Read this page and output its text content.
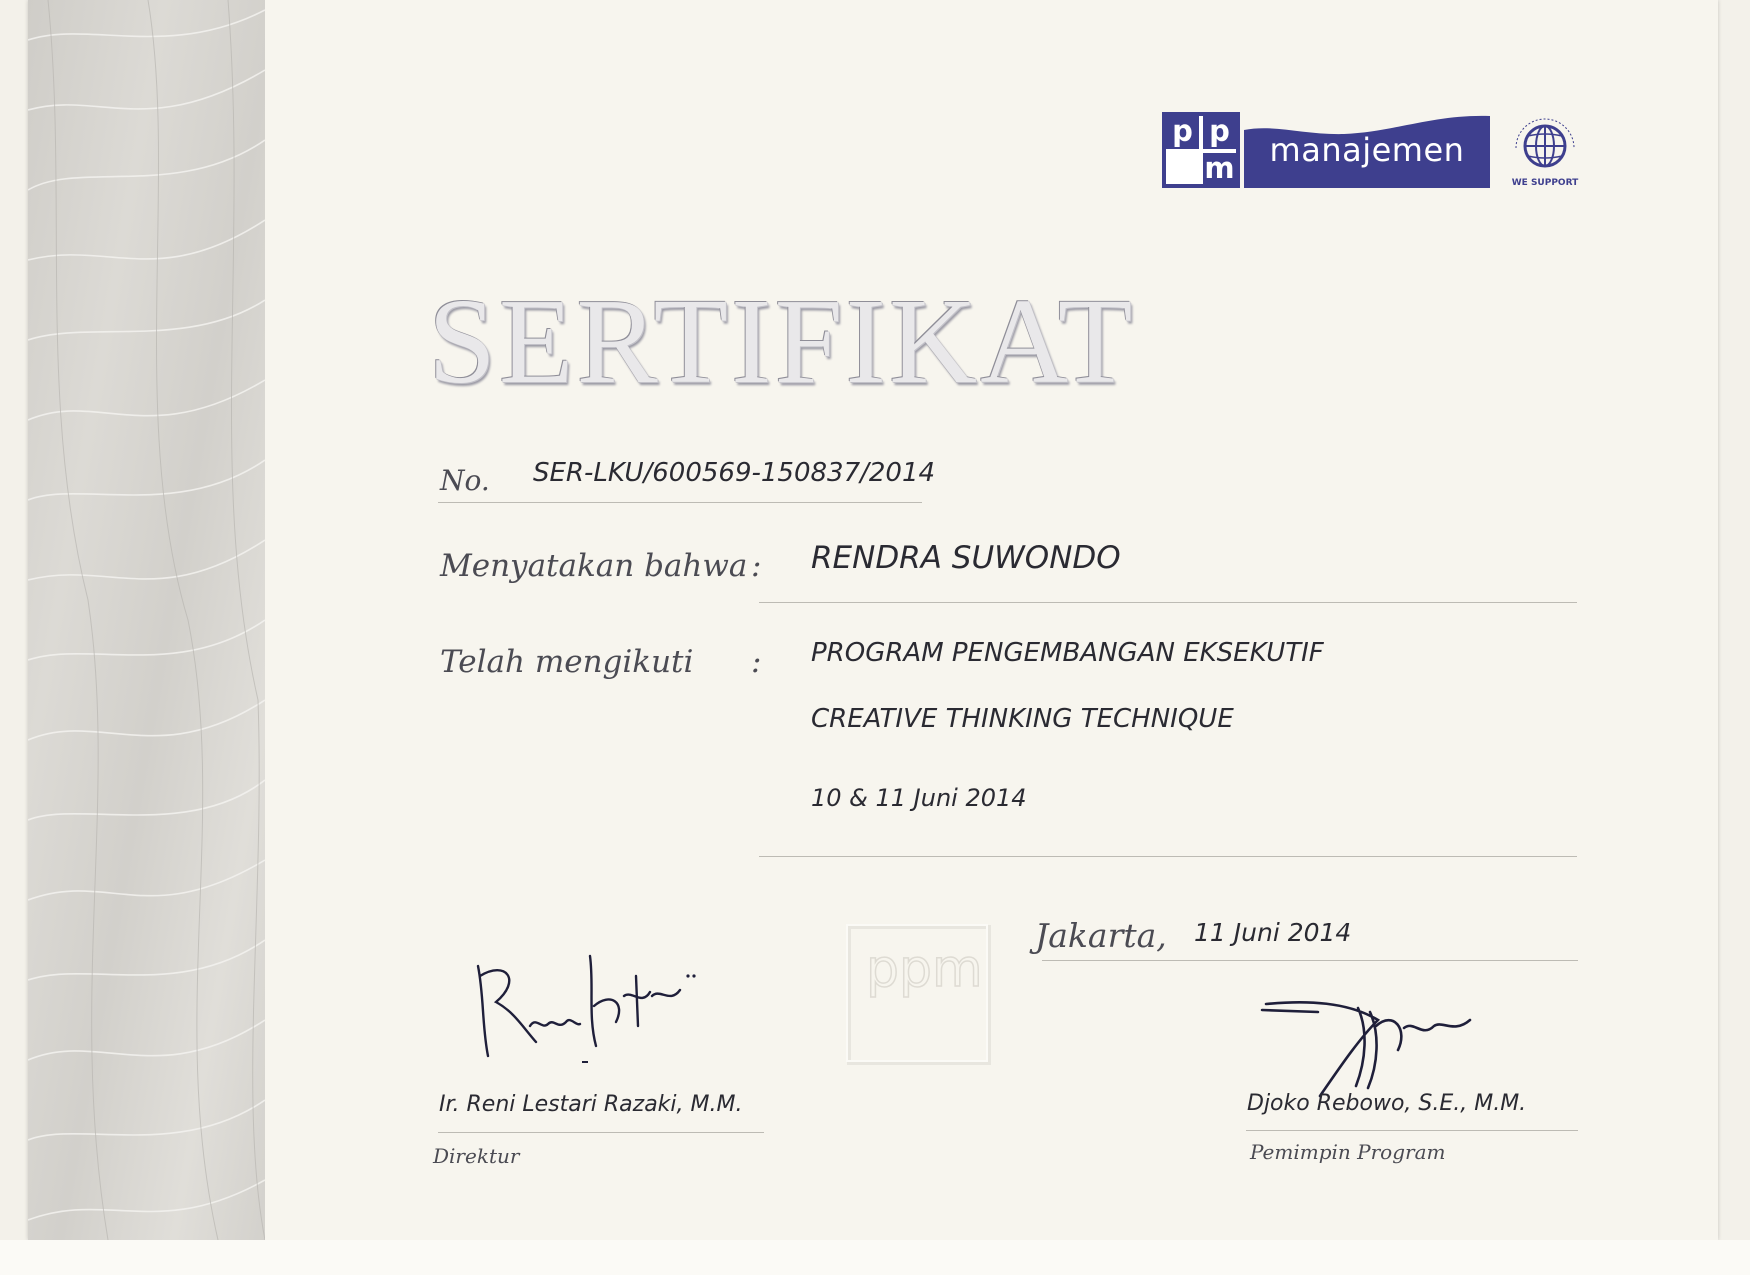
p p
m	manajemen
WE SUPPORT
SERTIFIKAT
No. SER-LKU/600569-150837/2014
Menyatakan bahwa : RENDRA SUWONDO
Telah mengikuti : PROGRAM PENGEMBANGAN EKSEKUTIF
CREATIVE THINKING TECHNIQUE
10 & 11 Juni 2014
Jakarta, 11 Juni 2014
ppm
Ir. Reni Lestari Razaki, M.M.
Direktur
Djoko Rebowo, S.E., M.M.
Pemimpin Program
